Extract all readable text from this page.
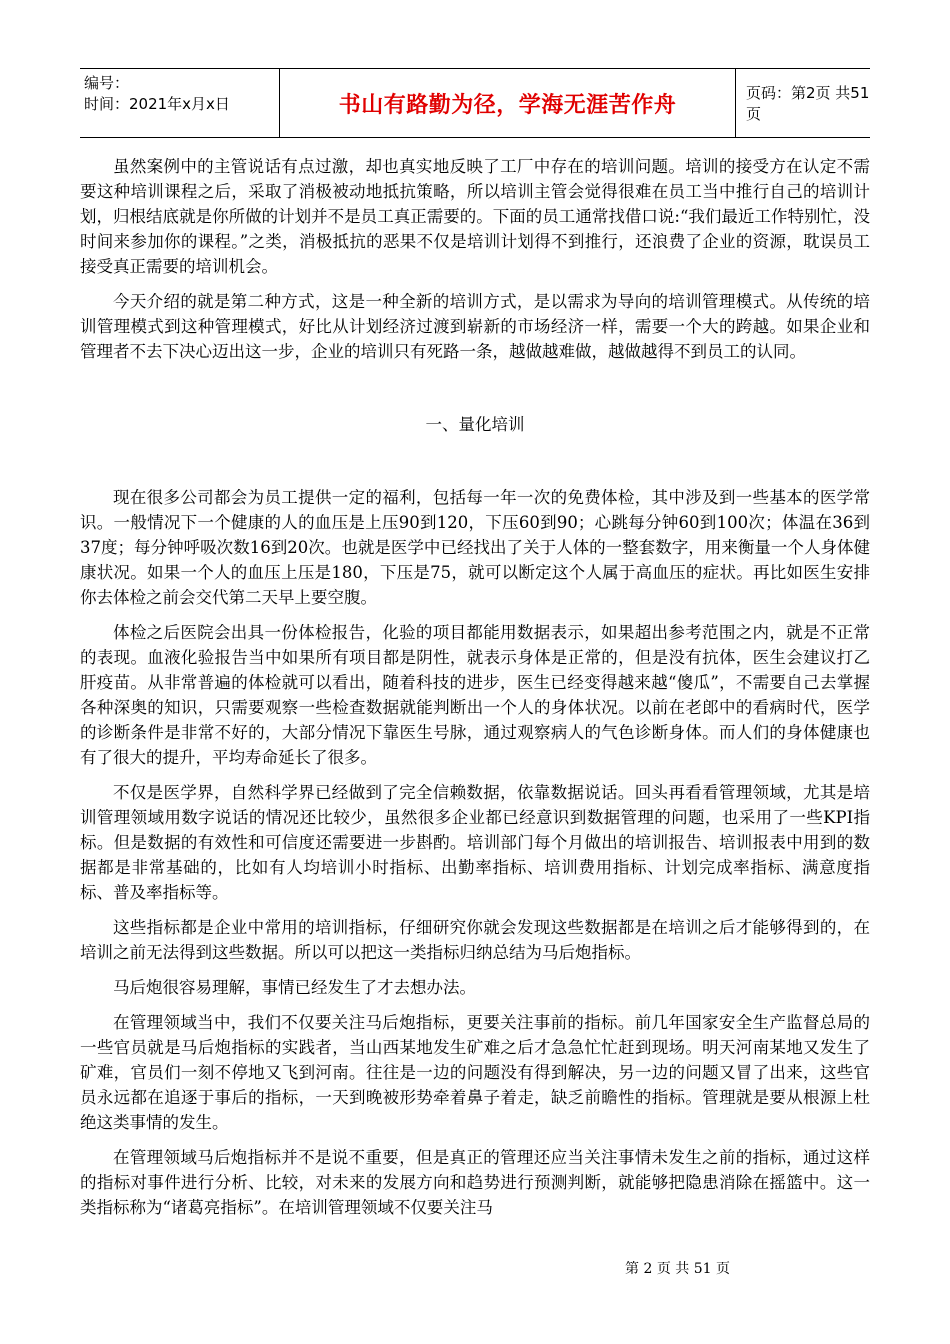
编号：
时间：2021年x月x日	书山有路勤为径，学海无涯苦作舟	页码：第2页 共51页

虽然案例中的主管说话有点过激，却也真实地反映了工厂中存在的培训问题。培训的接受方在认定不需要这种培训课程之后，采取了消极被动地抵抗策略，所以培训主管会觉得很难在员工当中推行自己的培训计划，归根结底就是你所做的计划并不是员工真正需要的。下面的员工通常找借口说:“我们最近工作特别忙，没时间来参加你的课程。”之类，消极抵抗的恶果不仅是培训计划得不到推行，还浪费了企业的资源，耽误员工接受真正需要的培训机会。

今天介绍的就是第二种方式，这是一种全新的培训方式，是以需求为导向的培训管理模式。从传统的培训管理模式到这种管理模式，好比从计划经济过渡到崭新的市场经济一样，需要一个大的跨越。如果企业和管理者不去下决心迈出这一步，企业的培训只有死路一条，越做越难做，越做越得不到员工的认同。

一、量化培训

现在很多公司都会为员工提供一定的福利，包括每一年一次的免费体检，其中涉及到一些基本的医学常识。一般情况下一个健康的人的血压是上压90到120，下压60到90；心跳每分钟60到100次；体温在36到37度；每分钟呼吸次数16到20次。也就是医学中已经找出了关于人体的一整套数字，用来衡量一个人身体健康状况。如果一个人的血压上压是180，下压是75，就可以断定这个人属于高血压的症状。再比如医生安排你去体检之前会交代第二天早上要空腹。

体检之后医院会出具一份体检报告，化验的项目都能用数据表示，如果超出参考范围之内，就是不正常的表现。血液化验报告当中如果所有项目都是阴性，就表示身体是正常的，但是没有抗体，医生会建议打乙肝疫苗。从非常普遍的体检就可以看出，随着科技的进步，医生已经变得越来越“傻瓜”，不需要自己去掌握各种深奥的知识，只需要观察一些检查数据就能判断出一个人的身体状况。以前在老郎中的看病时代，医学的诊断条件是非常不好的，大部分情况下靠医生号脉，通过观察病人的气色诊断身体。而人们的身体健康也有了很大的提升，平均寿命延长了很多。

不仅是医学界，自然科学界已经做到了完全信赖数据，依靠数据说话。回头再看看管理领域，尤其是培训管理领域用数字说话的情况还比较少，虽然很多企业都已经意识到数据管理的问题，也采用了一些KPI指标。但是数据的有效性和可信度还需要进一步斟酌。培训部门每个月做出的培训报告、培训报表中用到的数据都是非常基础的，比如有人均培训小时指标、出勤率指标、培训费用指标、计划完成率指标、满意度指标、普及率指标等。

这些指标都是企业中常用的培训指标，仔细研究你就会发现这些数据都是在培训之后才能够得到的，在培训之前无法得到这些数据。所以可以把这一类指标归纳总结为马后炮指标。

马后炮很容易理解，事情已经发生了才去想办法。

在管理领域当中，我们不仅要关注马后炮指标，更要关注事前的指标。前几年国家安全生产监督总局的一些官员就是马后炮指标的实践者，当山西某地发生矿难之后才急急忙忙赶到现场。明天河南某地又发生了矿难，官员们一刻不停地又飞到河南。往往是一边的问题没有得到解决，另一边的问题又冒了出来，这些官员永远都在追逐于事后的指标，一天到晚被形势牵着鼻子着走，缺乏前瞻性的指标。管理就是要从根源上杜绝这类事情的发生。

在管理领域马后炮指标并不是说不重要，但是真正的管理还应当关注事情未发生之前的指标，通过这样的指标对事件进行分析、比较，对未来的发展方向和趋势进行预测判断，就能够把隐患消除在摇篮中。这一类指标称为“诸葛亮指标”。在培训管理领域不仅要关注马

第 2 页 共 51 页
